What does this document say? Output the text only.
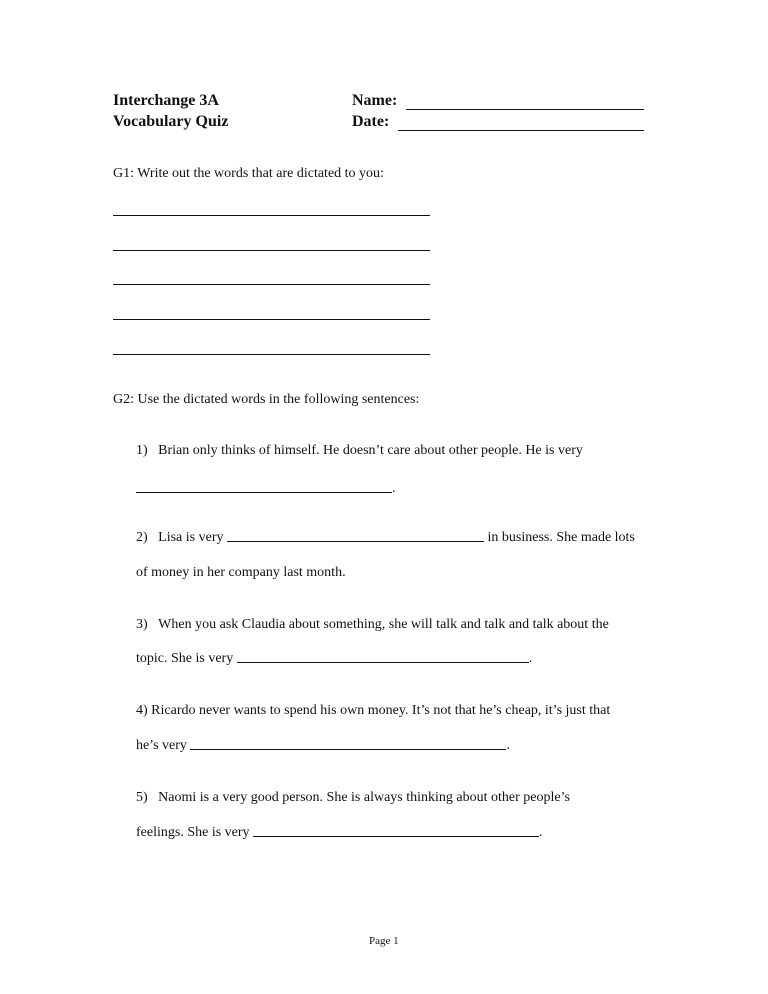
Interchange 3A
Vocabulary Quiz
Name:
Date:
G1: Write out the words that are dictated to you:
G2: Use the dictated words in the following sentences:
1) Brian only thinks of himself. He doesn’t care about other people. He is very
.
2) Lisa is very	in business. She made lots
of money in her company last month.
3) When you ask Claudia about something, she will talk and talk and talk about the
topic. She is very	.
4) Ricardo never wants to spend his own money. It’s not that he’s cheap, it’s just that
he’s very	.
5) Naomi is a very good person. She is always thinking about other people’s
feelings. She is very	.
Page 1
